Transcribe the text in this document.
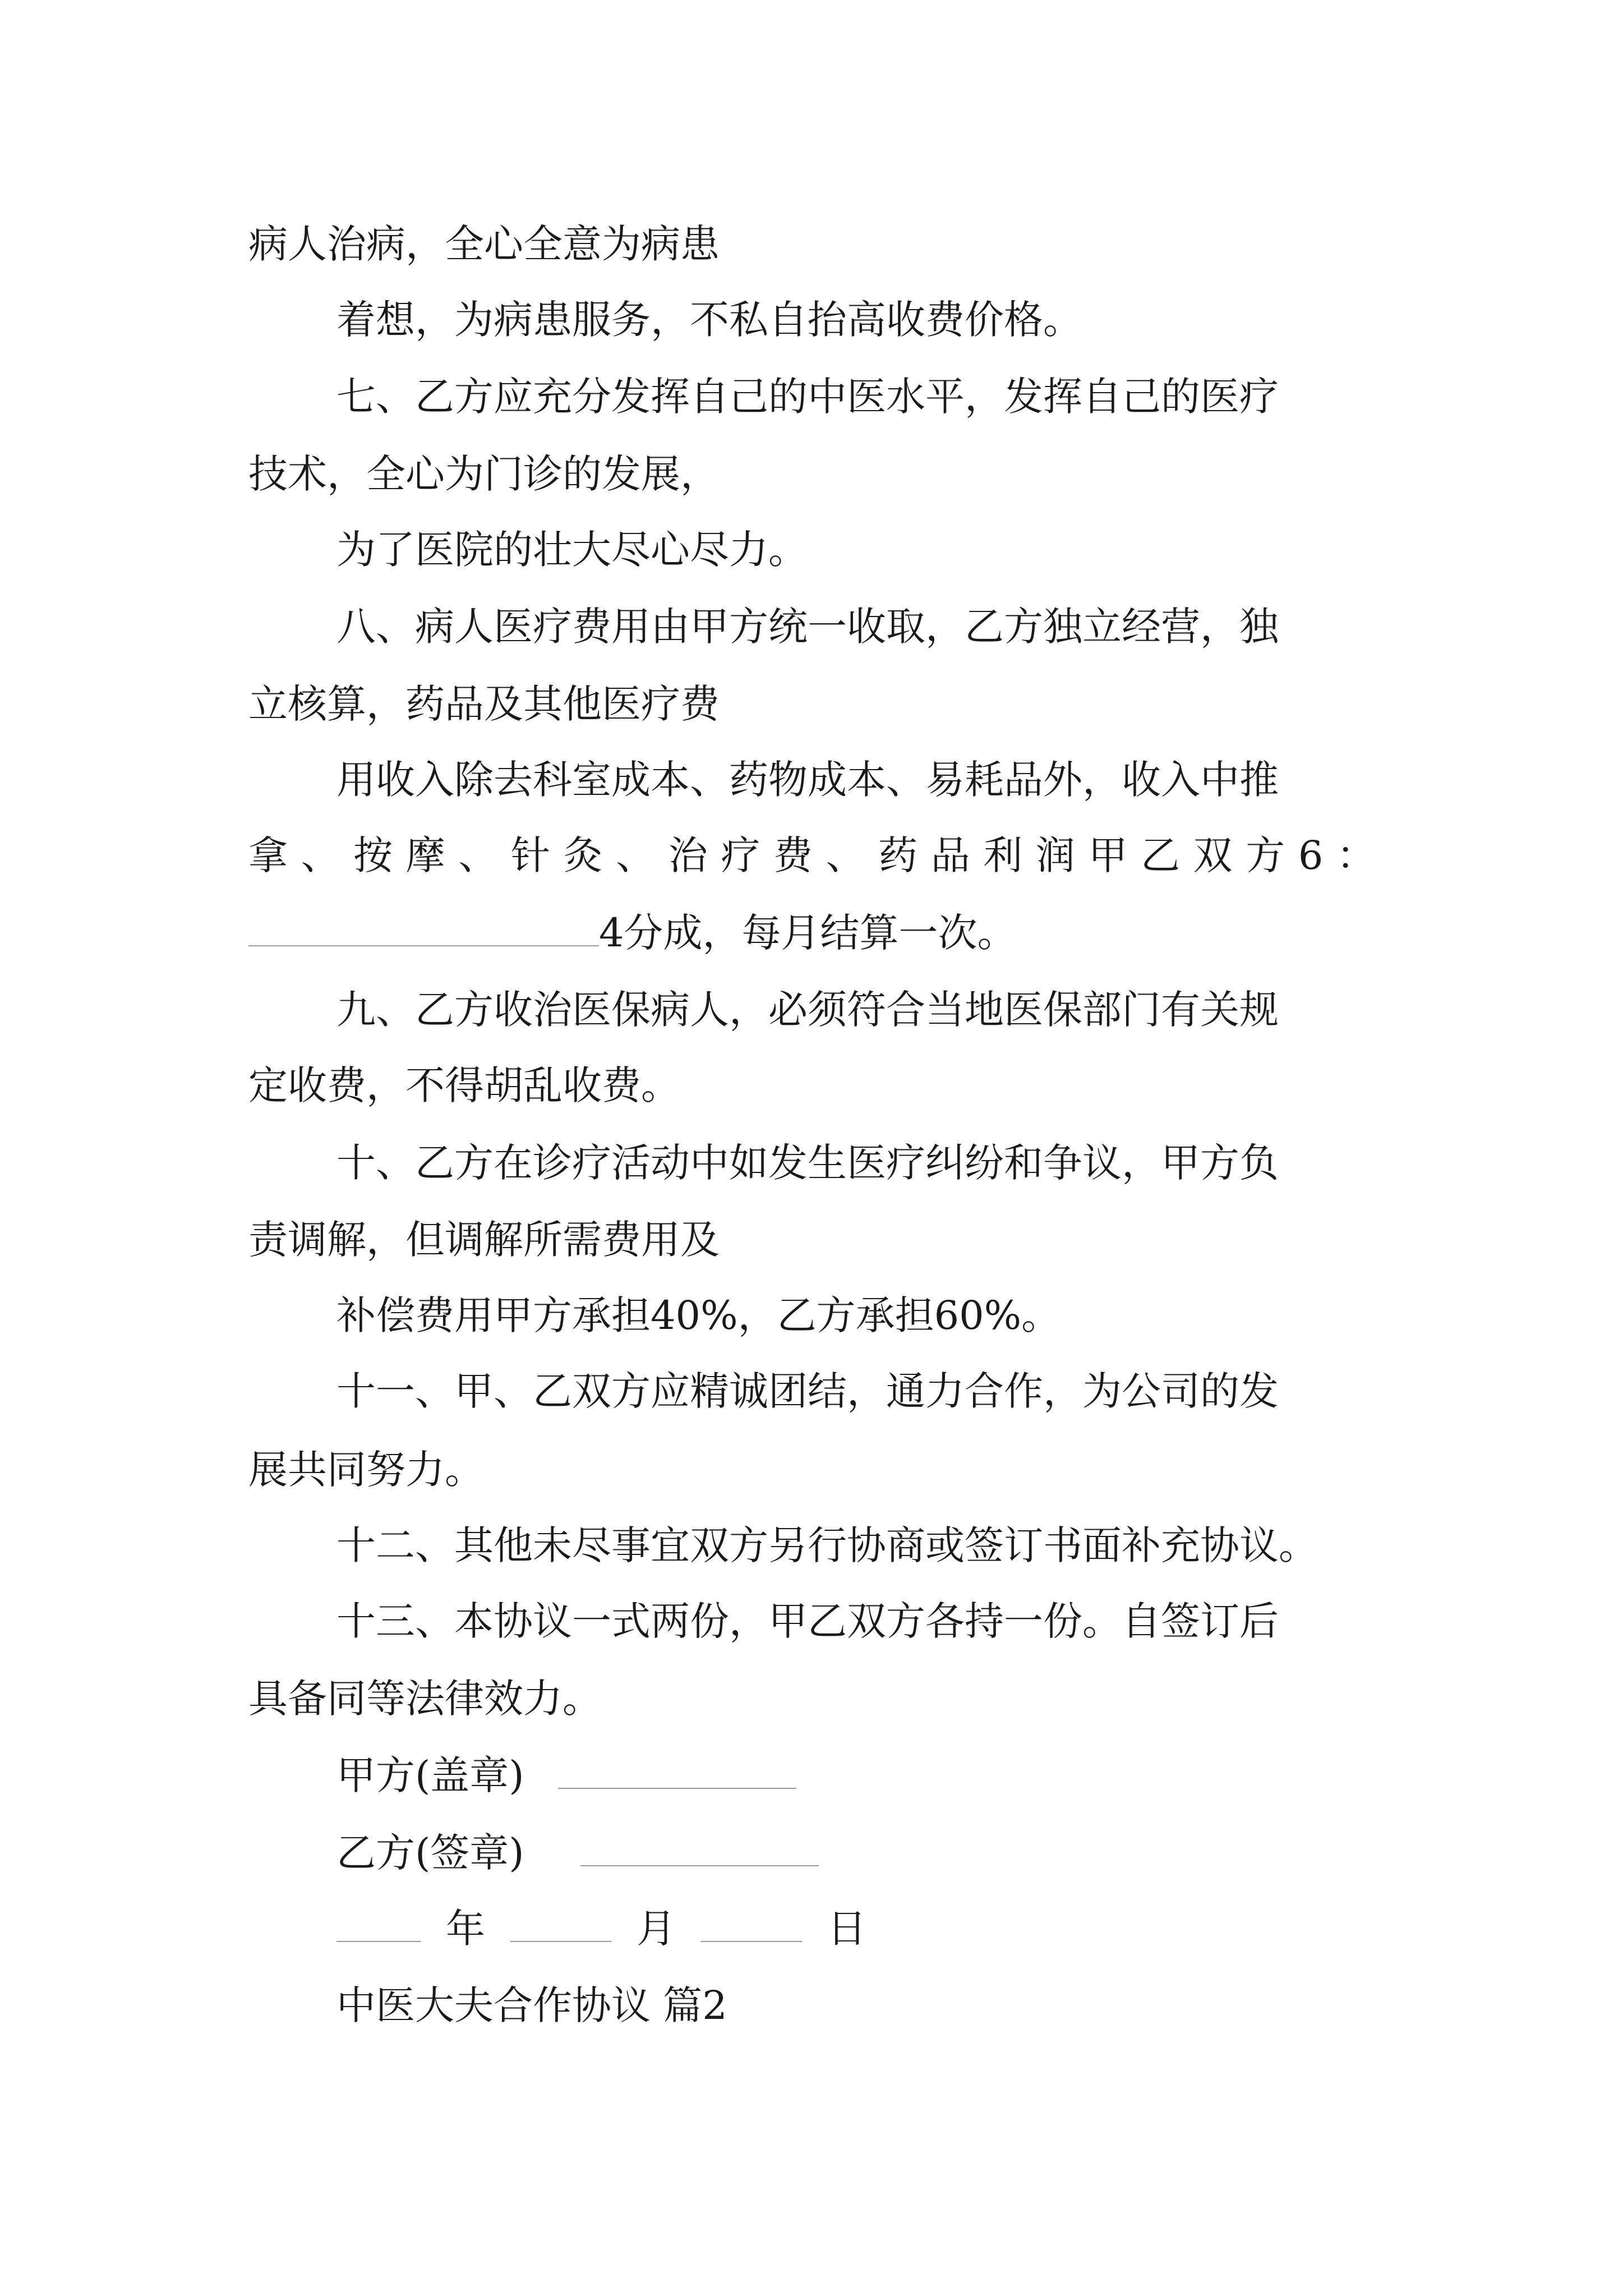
病人治病，全心全意为病患
着想，为病患服务，不私自抬高收费价格。
七、乙方应充分发挥自己的中医水平，发挥自己的医疗
技术，全心为门诊的发展，
为了医院的壮大尽心尽力。
八、病人医疗费用由甲方统一收取，乙方独立经营，独
立核算，药品及其他医疗费
用收入除去科室成本、药物成本、易耗品外，收入中推
拿、按摩、针灸、治疗费、药品利润甲乙双方6：
4分成，每月结算一次。
九、乙方收治医保病人，必须符合当地医保部门有关规
定收费，不得胡乱收费。
十、乙方在诊疗活动中如发生医疗纠纷和争议，甲方负
责调解，但调解所需费用及
补偿费用甲方承担40%，乙方承担60%。
十一、甲、乙双方应精诚团结，通力合作，为公司的发
展共同努力。
十二、其他未尽事宜双方另行协商或签订书面补充协议。
十三、本协议一式两份，甲乙双方各持一份。自签订后
具备同等法律效力。
甲方(盖章)
乙方(签章)
年	月	日
中医大夫合作协议 篇2
